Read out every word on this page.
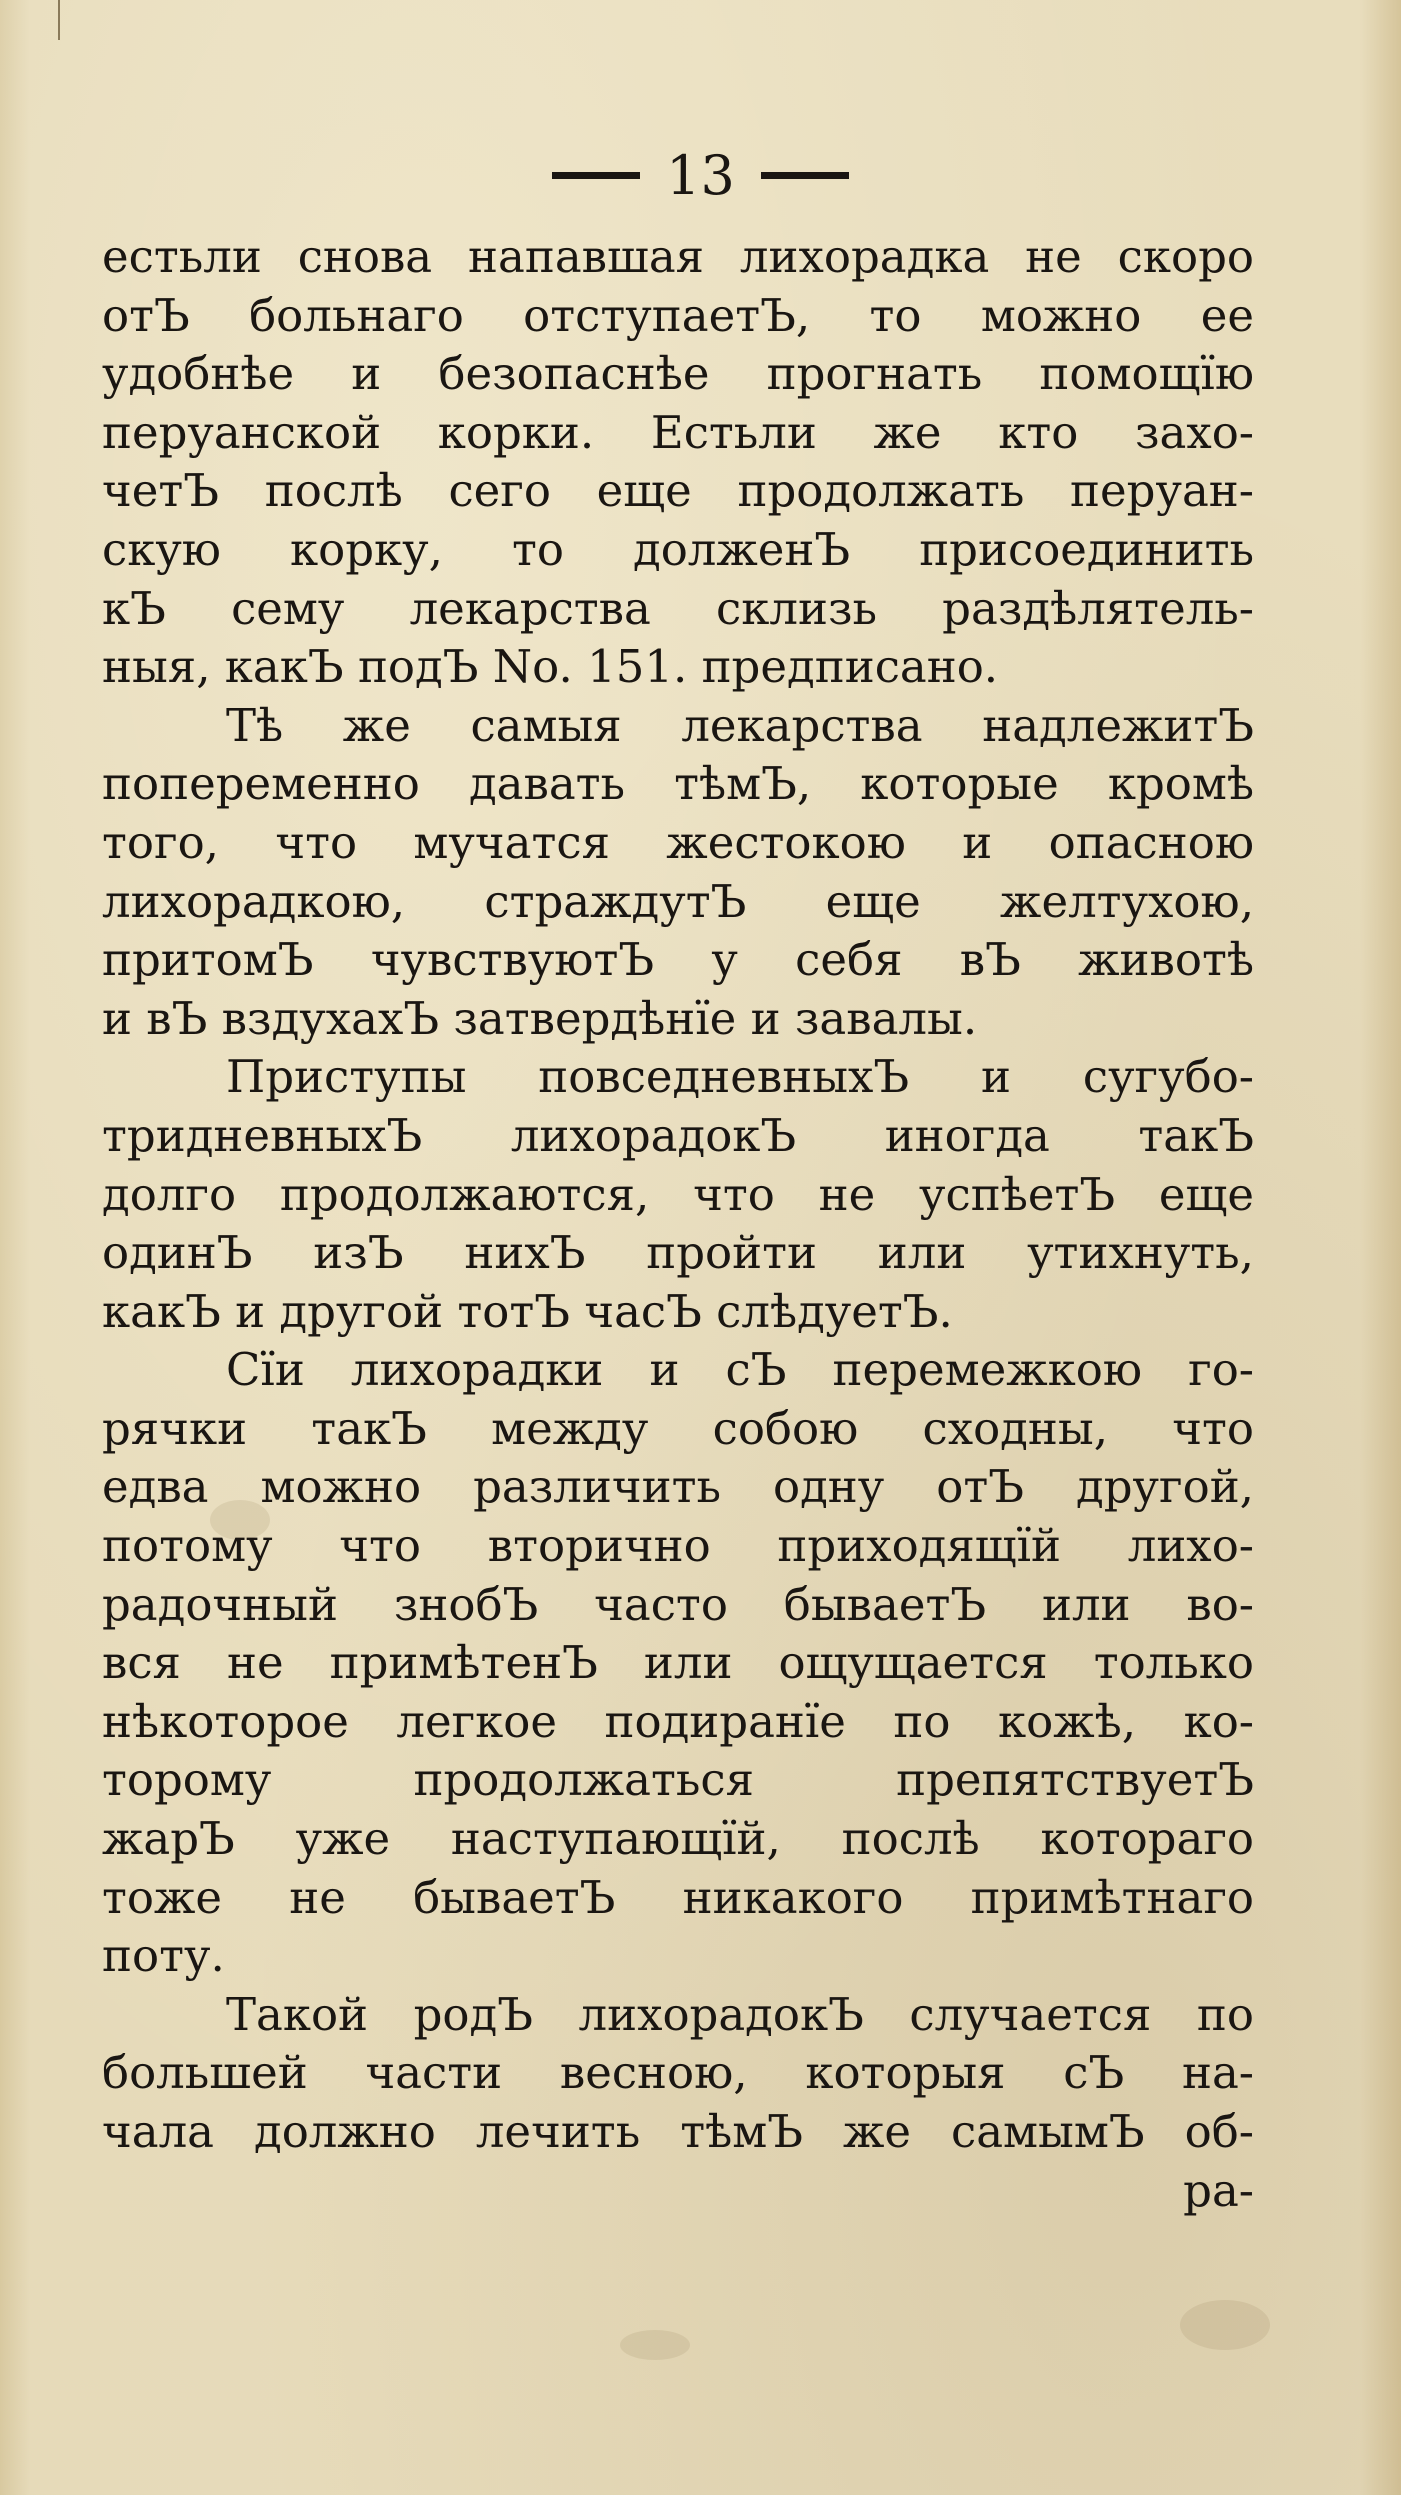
13
естьли снова напавшая лихорадка не скоро
отЪ больнаго отступаетЪ, то можно ее
удобнѣе и безопаснѣе прогнать помощїю
перуанской корки. Естьли же кто захо-
четЪ послѣ сего еще продолжать перуан-
скую корку, то долженЪ присоединить
кЪ сему лекарства склизь раздѣлятель-
ныя, какЪ подЪ No. 151. предписано.
Тѣ же самыя лекарства надлежитЪ
попеременно давать тѣмЪ, которые кромѣ
того, что мучатся жестокою и опасною
лихорадкою, страждутЪ еще желтухою,
притомЪ чувствуютЪ у себя вЪ животѣ
и вЪ вздухахЪ затвердѣнїе и завалы.
Приступы повседневныхЪ и сугубо-
тридневныхЪ лихорадокЪ иногда такЪ
долго продолжаются, что не успѣетЪ еще
одинЪ изЪ нихЪ пройти или утихнуть,
какЪ и другой тотЪ часЪ слѣдуетЪ.
Сїи лихорадки и сЪ перемежкою го-
рячки такЪ между собою сходны, что
едва можно различить одну отЪ другой,
потому что вторично приходящїй лихо-
радочный знобЪ часто бываетЪ или во-
вся не примѣтенЪ или ощущается только
нѣкоторое легкое подиранїе по кожѣ, ко-
торому продолжаться препятствуетЪ
жарЪ уже наступающїй, послѣ котораго
тоже не бываетЪ никакого примѣтнаго
поту.
Такой родЪ лихорадокЪ случается по
большей части весною, которыя сЪ на-
чала должно лечить тѣмЪ же самымЪ об-
ра-
